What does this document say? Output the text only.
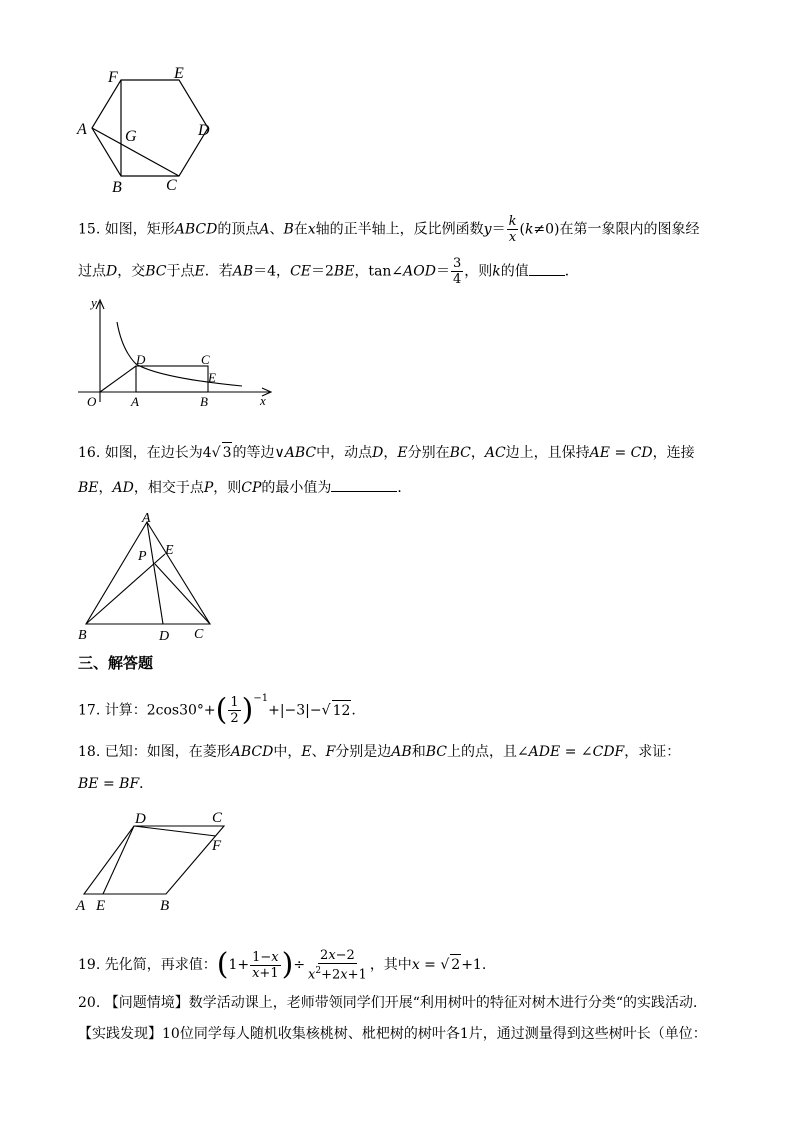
F	E
A G	D
B	C
15. 如图，矩形ABCD的顶点A、B在x轴的正半轴上，反比例函数$y= \frac{k}{x} (k\ne 0)$在第一象限内的图象经
过点D，交BC于点E．若AB＝4，CE＝2BE，tan∠AOD＝ $\frac{3}{4}$ ，则k的值	．
y
x
O	A	B
D	C
E
16. 如图，在边长为4√ 3的等边∨ABC中，动点D，E分别在BC，AC边上，且保持AE = CD，连接
BE，AD，相交于点P，则CP的最小值为	．
A
P E
B	D C
三、解答题
17. 计算：$2\cos 30^\circ+( \frac{1}{2} )^{-1}+|-3|-√$ 12.
18. 已知：如图，在菱形ABCD中，E、F分别是边AB和BC上的点，且∠ADE = ∠CDF，求证：
BE = BF．
D	C
F
A E	B
19. 先化简，再求值：($1+ \frac{1-x}{x+1}$ )÷ $\frac{2x-2}{x^2+2x+1}$ ，其中x = √ 2+1.
20. 【问题情境】数学活动课上，老师带领同学们开展“利用树叶的特征对树木进行分类“的实践活动．
【实践发现】10位同学每人随机收集核桃树、枇杷树的树叶各1片，通过测量得到这些树叶长（单位：
